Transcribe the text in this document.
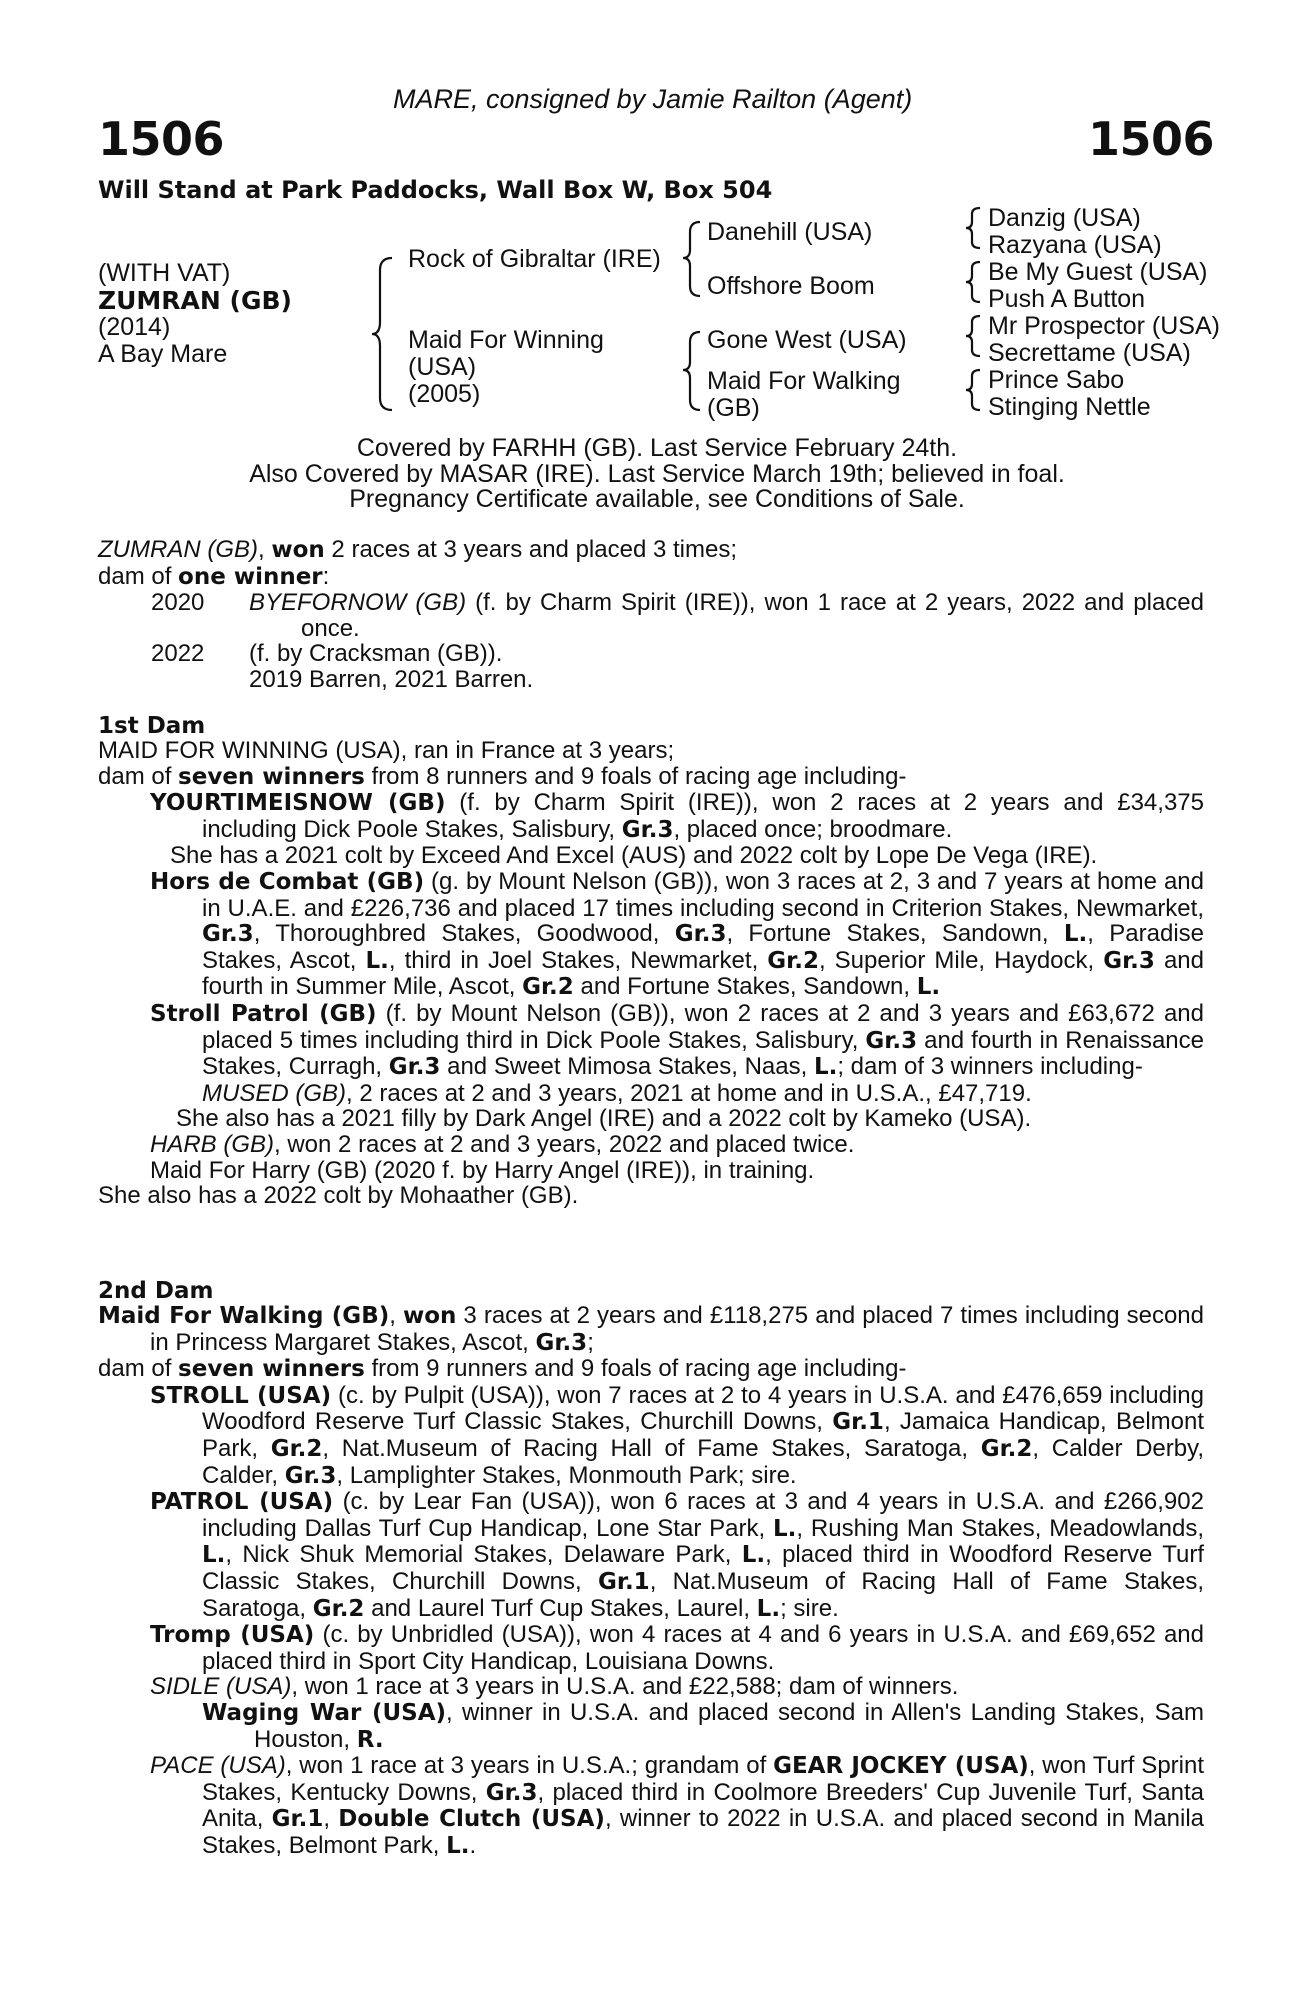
MARE, consigned by Jamie Railton (Agent)
1506	1506
Will Stand at Park Paddocks, Wall Box W, Box 504
(WITH VAT)
ZUMRAN (GB)
(2014)
A Bay Mare
Rock of Gibraltar (IRE)
Maid For Winning
(USA)
(2005)
Danehill (USA)
Offshore Boom
Gone West (USA)
Maid For Walking
(GB)
Danzig (USA)
Razyana (USA)
Be My Guest (USA)
Push A Button
Mr Prospector (USA)
Secrettame (USA)
Prince Sabo
Stinging Nettle
Covered by FARHH (GB). Last Service February 24th.
Also Covered by MASAR (IRE). Last Service March 19th; believed in foal.
Pregnancy Certificate available, see Conditions of Sale.

ZUMRAN (GB), won 2 races at 3 years and placed 3 times;

dam of one winner:

2020 BYEFORNOW (GB) (f. by Charm Spirit (IRE)), won 1 race at 2 years, 2022 and placed once.

2022 (f. by Cracksman (GB)).

2019 Barren, 2021 Barren.

1st Dam

MAID FOR WINNING (USA), ran in France at 3 years;

dam of seven winners from 8 runners and 9 foals of racing age including-

YOURTIMEISNOW (GB) (f. by Charm Spirit (IRE)), won 2 races at 2 years and £34,375 including Dick Poole Stakes, Salisbury, Gr.3, placed once; broodmare.

She has a 2021 colt by Exceed And Excel (AUS) and 2022 colt by Lope De Vega (IRE).

Hors de Combat (GB) (g. by Mount Nelson (GB)), won 3 races at 2, 3 and 7 years at home and in U.A.E. and £226,736 and placed 17 times including second in Criterion Stakes, Newmarket, Gr.3, Thoroughbred Stakes, Goodwood, Gr.3, Fortune Stakes, Sandown, L., Paradise Stakes, Ascot, L., third in Joel Stakes, Newmarket, Gr.2, Superior Mile, Haydock, Gr.3 and fourth in Summer Mile, Ascot, Gr.2 and Fortune Stakes, Sandown, L.

Stroll Patrol (GB) (f. by Mount Nelson (GB)), won 2 races at 2 and 3 years and £63,672 and placed 5 times including third in Dick Poole Stakes, Salisbury, Gr.3 and fourth in Renaissance Stakes, Curragh, Gr.3 and Sweet Mimosa Stakes, Naas, L.; dam of 3 winners including-

MUSED (GB), 2 races at 2 and 3 years, 2021 at home and in U.S.A., £47,719.

She also has a 2021 filly by Dark Angel (IRE) and a 2022 colt by Kameko (USA).

HARB (GB), won 2 races at 2 and 3 years, 2022 and placed twice.

Maid For Harry (GB) (2020 f. by Harry Angel (IRE)), in training.

She also has a 2022 colt by Mohaather (GB).

2nd Dam

Maid For Walking (GB), won 3 races at 2 years and £118,275 and placed 7 times including second in Princess Margaret Stakes, Ascot, Gr.3;

dam of seven winners from 9 runners and 9 foals of racing age including-

STROLL (USA) (c. by Pulpit (USA)), won 7 races at 2 to 4 years in U.S.A. and £476,659 including Woodford Reserve Turf Classic Stakes, Churchill Downs, Gr.1, Jamaica Handicap, Belmont Park, Gr.2, Nat.Museum of Racing Hall of Fame Stakes, Saratoga, Gr.2, Calder Derby, Calder, Gr.3, Lamplighter Stakes, Monmouth Park; sire.

PATROL (USA) (c. by Lear Fan (USA)), won 6 races at 3 and 4 years in U.S.A. and £266,902 including Dallas Turf Cup Handicap, Lone Star Park, L., Rushing Man Stakes, Meadowlands, L., Nick Shuk Memorial Stakes, Delaware Park, L., placed third in Woodford Reserve Turf Classic Stakes, Churchill Downs, Gr.1, Nat.Museum of Racing Hall of Fame Stakes, Saratoga, Gr.2 and Laurel Turf Cup Stakes, Laurel, L.; sire.

Tromp (USA) (c. by Unbridled (USA)), won 4 races at 4 and 6 years in U.S.A. and £69,652 and placed third in Sport City Handicap, Louisiana Downs.

SIDLE (USA), won 1 race at 3 years in U.S.A. and £22,588; dam of winners.

Waging War (USA), winner in U.S.A. and placed second in Allen's Landing Stakes, Sam Houston, R.

PACE (USA), won 1 race at 3 years in U.S.A.; grandam of GEAR JOCKEY (USA), won Turf Sprint Stakes, Kentucky Downs, Gr.3, placed third in Coolmore Breeders' Cup Juvenile Turf, Santa Anita, Gr.1, Double Clutch (USA), winner to 2022 in U.S.A. and placed second in Manila Stakes, Belmont Park, L..
